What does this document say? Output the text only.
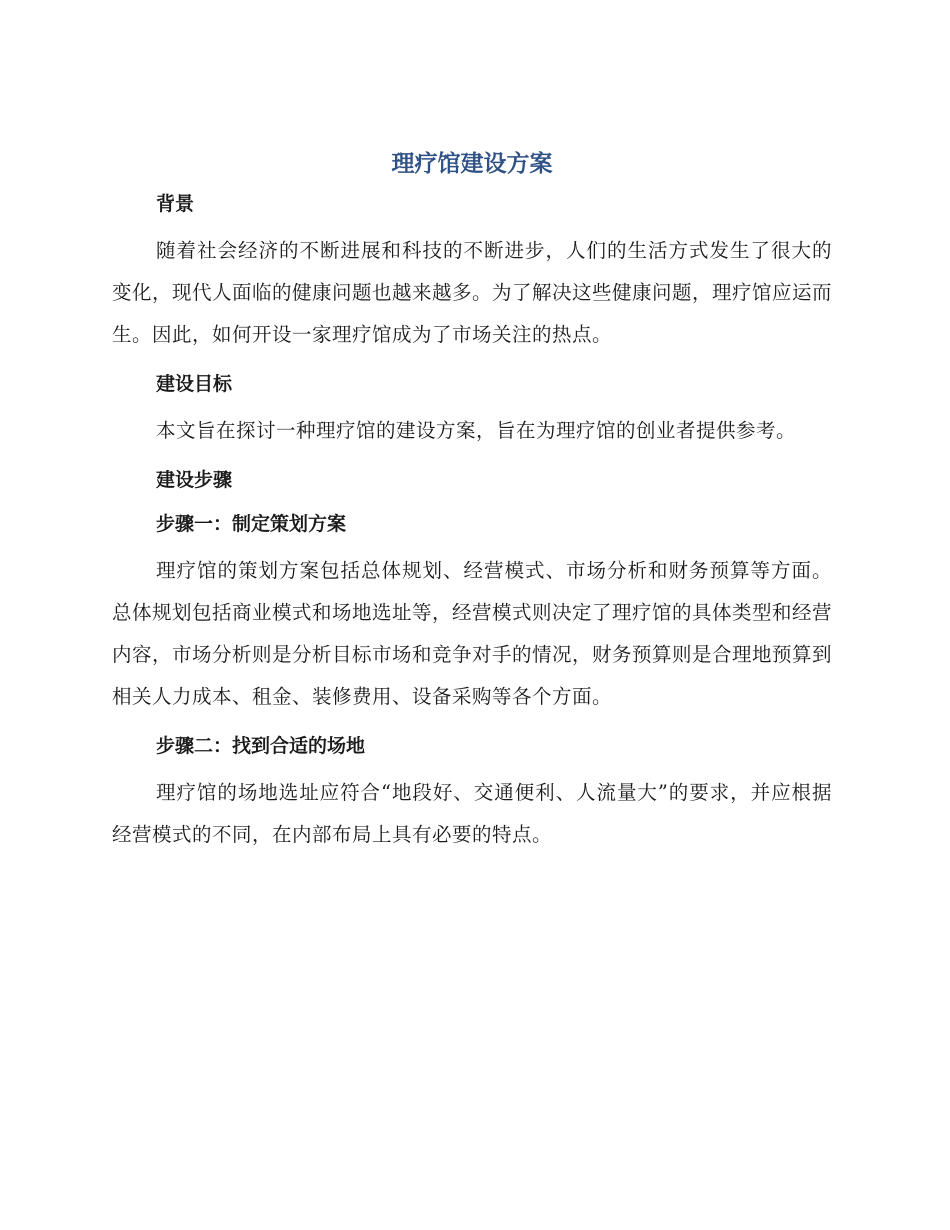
理疗馆建设方案
背景

随着社会经济的不断进展和科技的不断进步，人们的生活方式发生了很大的变化，现代人面临的健康问题也越来越多。为了解决这些健康问题，理疗馆应运而生。因此，如何开设一家理疗馆成为了市场关注的热点。

建设目标

本文旨在探讨一种理疗馆的建设方案，旨在为理疗馆的创业者提供参考。

建设步骤
步骤一：制定策划方案

理疗馆的策划方案包括总体规划、经营模式、市场分析和财务预算等方面。总体规划包括商业模式和场地选址等，经营模式则决定了理疗馆的具体类型和经营内容，市场分析则是分析目标市场和竞争对手的情况，财务预算则是合理地预算到相关人力成本、租金、装修费用、设备采购等各个方面。

步骤二：找到合适的场地

理疗馆的场地选址应符合“地段好、交通便利、人流量大”的要求，并应根据经营模式的不同，在内部布局上具有必要的特点。
